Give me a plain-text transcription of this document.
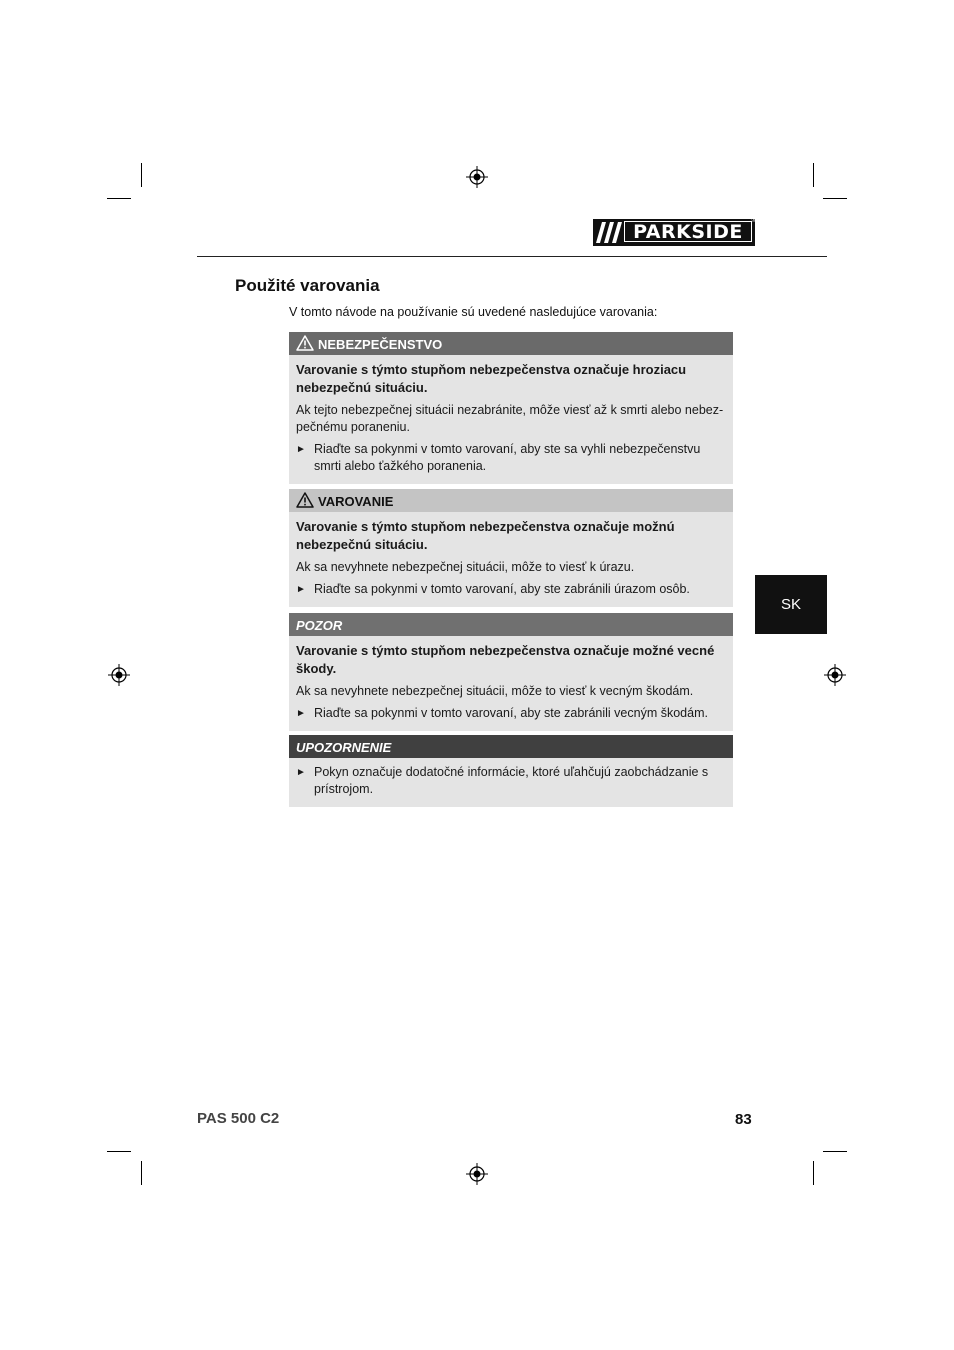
PARKSIDE	®
Použité varovania
V tomto návode na používanie sú uvedené nasledujúce varovania:
NEBEZPEČENSTVO
Varovanie s týmto stupňom nebezpečenstva označuje hroziacu nebezpečnú situáciu.
Ak tejto nebezpečnej situácii nezabránite, môže viesť až k smrti alebo nebezpečnému poraneniu.
► Riaďte sa pokynmi v tomto varovaní, aby ste sa vyhli nebezpečenstvu smrti alebo ťažkého poranenia.
VAROVANIE
Varovanie s týmto stupňom nebezpečenstva označuje možnú nebezpečnú situáciu.
Ak sa nevyhnete nebezpečnej situácii, môže to viesť k úrazu.
► Riaďte sa pokynmi v tomto varovaní, aby ste zabránili úrazom osôb.
POZOR
Varovanie s týmto stupňom nebezpečenstva označuje možné vecné škody.
Ak sa nevyhnete nebezpečnej situácii, môže to viesť k vecným škodám.
► Riaďte sa pokynmi v tomto varovaní, aby ste zabránili vecným škodám.
UPOZORNENIE
► Pokyn označuje dodatočné informácie, ktoré uľahčujú zaobchádzanie s prístrojom.
SK
PAS 500 C2	83
